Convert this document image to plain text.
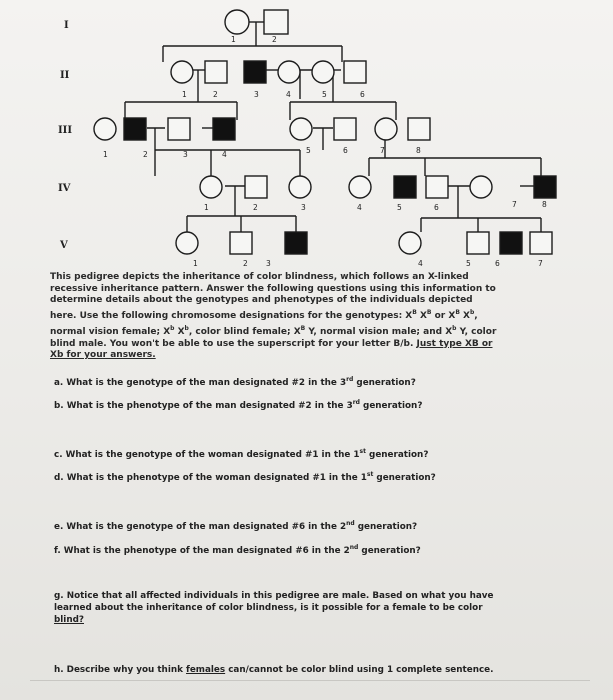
I
II
III
IV
V
1	2
1	2	3	4	5	6
1	2	3	4	5	6	7	8
1	2	3	4	5	6	7	8
1	2 3	4	5	6	7
This pedigree depicts the inheritance of color blindness, which follows an X-linked
recessive inheritance pattern. Answer the following questions using this information to
determine details about the genotypes and phenotypes of the individuals depicted
here. Use the following chromosome designations for the genotypes: $X^B$ $X^B$ or $X^B$ $X^b$,
normal vision female; $X^b$ $X^b$, color blind female; $X^B$ Y, normal vision male; and $X^b$ Y, color
blind male. You won't be able to use the superscript for your letter B/b. Just type XB or
Xb for your answers.
a. What is the genotype of the man designated #2 in the 3rd generation?
b. What is the phenotype of the man designated #2 in the 3rd generation?
c. What is the genotype of the woman designated #1 in the 1st generation?
d. What is the phenotype of the woman designated #1 in the 1st generation?
e. What is the genotype of the man designated #6 in the 2nd generation?
f. What is the phenotype of the man designated #6 in the 2nd generation?
g. Notice that all affected individuals in this pedigree are male. Based on what you have
learned about the inheritance of color blindness, is it possible for a female to be color
blind?
h. Describe why you think females can/cannot be color blind using 1 complete sentence.
